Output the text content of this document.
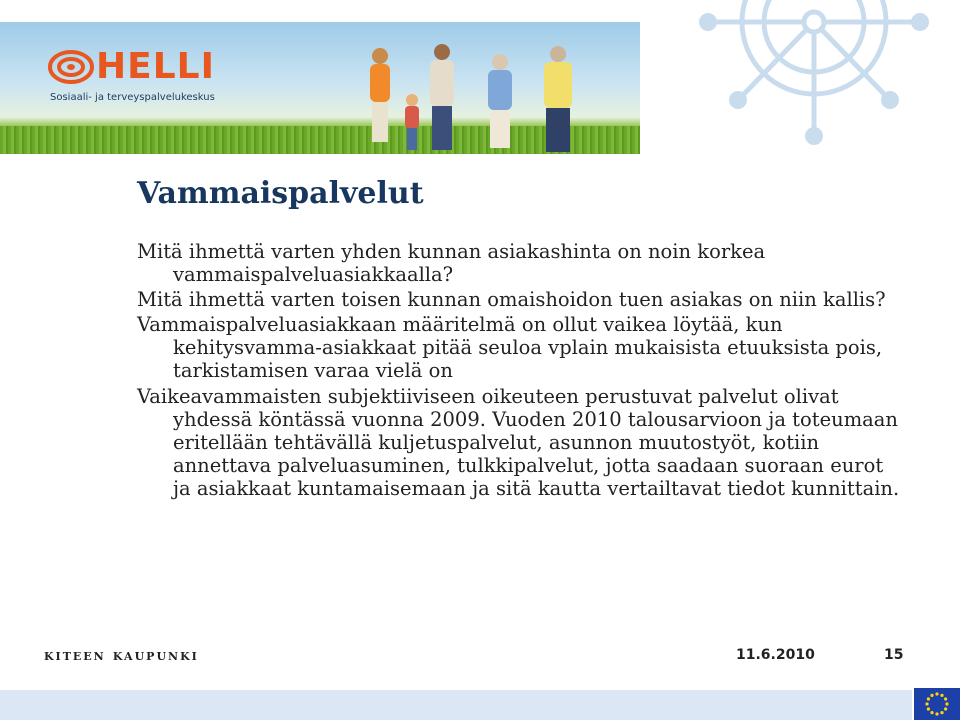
HELLI
Sosiaali- ja terveyspalvelukeskus
Vammaispalvelut

Mitä ihmettä varten yhden kunnan asiakashinta on noin korkea vammaispalveluasiakkaalla?

Mitä ihmettä varten toisen kunnan omaishoidon tuen asiakas on niin kallis?

Vammaispalveluasiakkaan määritelmä on ollut vaikea löytää, kun kehitysvamma-asiakkaat pitää seuloa vplain mukaisista etuuksista pois, tarkistamisen varaa vielä on

Vaikeavammaisten subjektiiviseen oikeuteen perustuvat palvelut olivat yhdessä köntässä vuonna 2009. Vuoden 2010 talousarvioon ja toteumaan eritellään tehtävällä kuljetuspalvelut, asunnon muutostyöt, kotiin annettava palveluasuminen, tulkkipalvelut, jotta saadaan suoraan eurot ja asiakkaat kuntamaisemaan ja sitä kautta vertailtavat tiedot kunnittain.

kiteen kaupunki	11.6.2010	15
